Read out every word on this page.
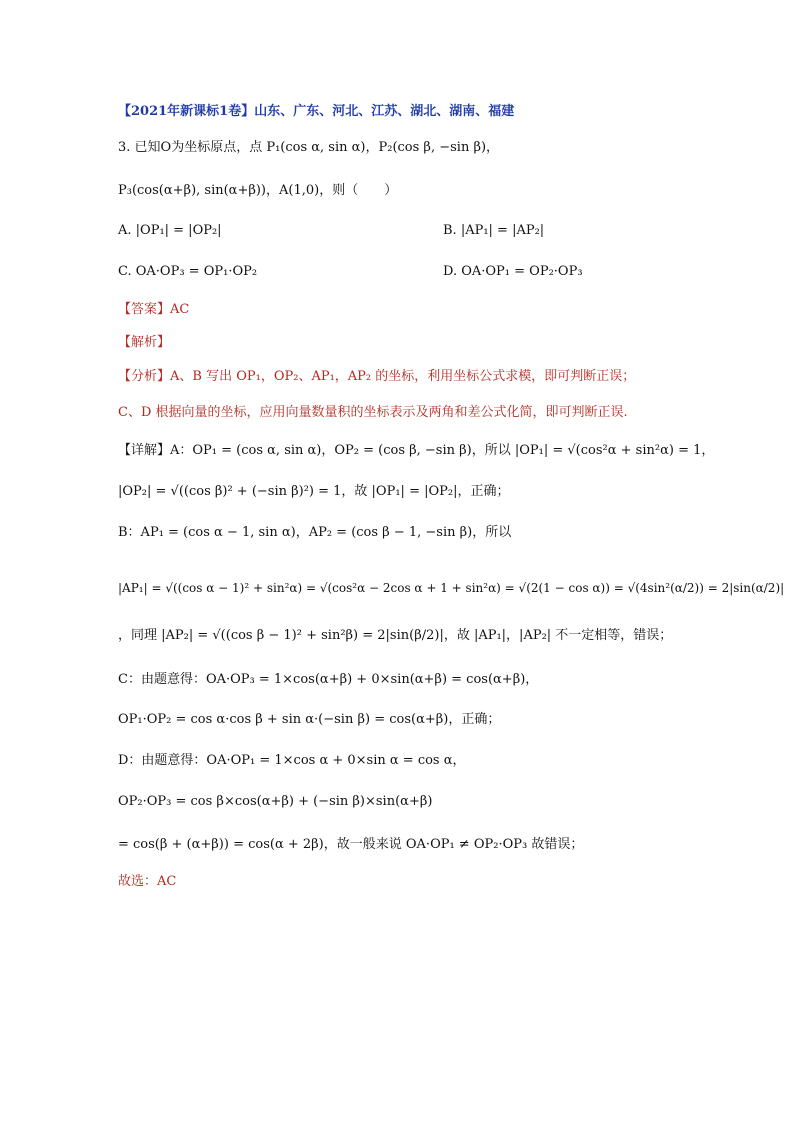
【2021年新课标1卷】山东、广东、河北、江苏、湖北、湖南、福建
3. 已知O为坐标原点，点 P₁(cos α, sin α)，P₂(cos β, −sin β)，
P₃(cos(α+β), sin(α+β))，A(1,0)，则（　　）
A. |OP₁| = |OP₂|	B. |AP₁| = |AP₂|
C. OA·OP₃ = OP₁·OP₂	D. OA·OP₁ = OP₂·OP₃
【答案】AC
【解析】
【分析】A、B 写出 OP₁，OP₂、AP₁，AP₂ 的坐标，利用坐标公式求模，即可判断正误；
C、D 根据向量的坐标，应用向量数量积的坐标表示及两角和差公式化简，即可判断正误.
【详解】A：OP₁ = (cos α, sin α)，OP₂ = (cos β, −sin β)，所以 |OP₁| = √(cos²α + sin²α) = 1，
|OP₂| = √((cos β)² + (−sin β)²) = 1，故 |OP₁| = |OP₂|，正确；
B：AP₁ = (cos α − 1, sin α)，AP₂ = (cos β − 1, −sin β)，所以
|AP₁| = √((cos α − 1)² + sin²α) = √(cos²α − 2cos α + 1 + sin²α) = √(2(1 − cos α)) = √(4sin²(α/2)) = 2|sin(α/2)|
，同理 |AP₂| = √((cos β − 1)² + sin²β) = 2|sin(β/2)|，故 |AP₁|，|AP₂| 不一定相等，错误；
C：由题意得：OA·OP₃ = 1×cos(α+β) + 0×sin(α+β) = cos(α+β)，
OP₁·OP₂ = cos α·cos β + sin α·(−sin β) = cos(α+β)，正确；
D：由题意得：OA·OP₁ = 1×cos α + 0×sin α = cos α，
OP₂·OP₃ = cos β×cos(α+β) + (−sin β)×sin(α+β)
= cos(β + (α+β)) = cos(α + 2β)，故一般来说 OA·OP₁ ≠ OP₂·OP₃ 故错误；
故选：AC
